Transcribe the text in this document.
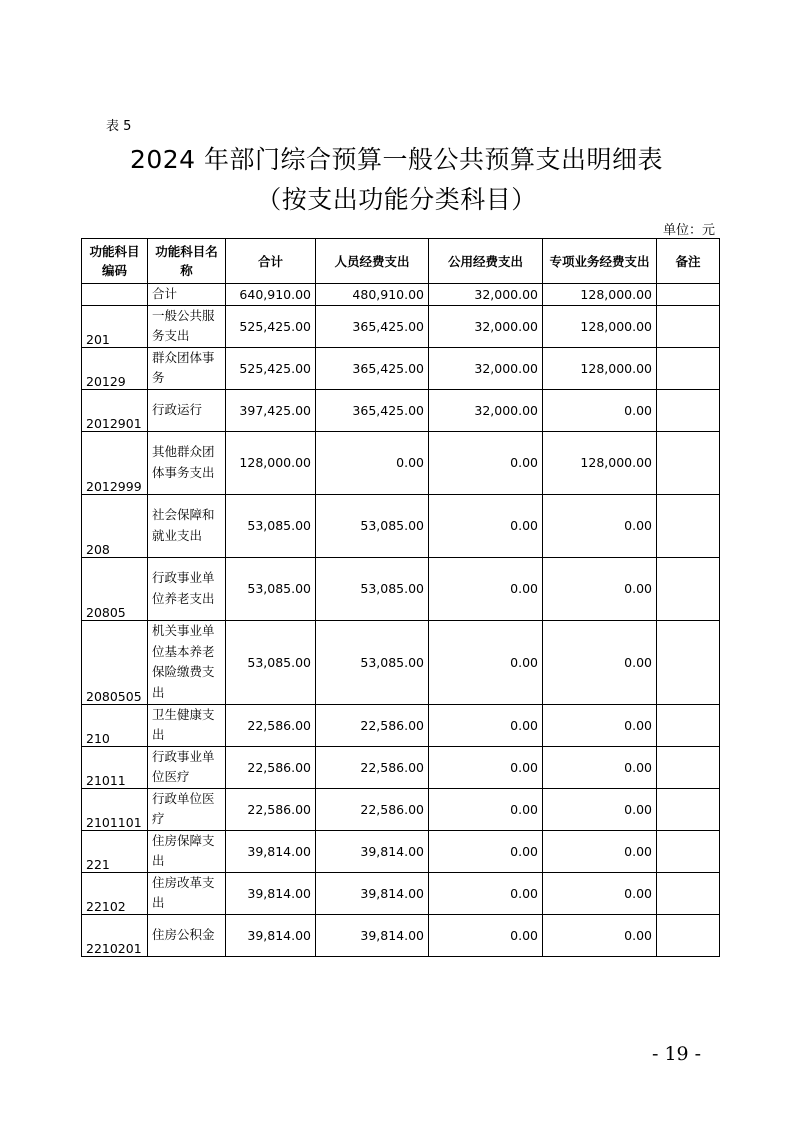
表 5
2024 年部门综合预算一般公共预算支出明细表
（按支出功能分类科目）
单位：元
功能科目编码	功能科目名称	合计	人员经费支出	公用经费支出	专项业务经费支出	备注
	合计	640,910.00	480,910.00	32,000.00	128,000.00	
201	一般公共服务支出	525,425.00	365,425.00	32,000.00	128,000.00	
20129	群众团体事务	525,425.00	365,425.00	32,000.00	128,000.00	
2012901	行政运行	397,425.00	365,425.00	32,000.00	0.00	
2012999	其他群众团体事务支出	128,000.00	0.00	0.00	128,000.00	
208	社会保障和就业支出	53,085.00	53,085.00	0.00	0.00	
20805	行政事业单位养老支出	53,085.00	53,085.00	0.00	0.00	
2080505	机关事业单位基本养老保险缴费支出	53,085.00	53,085.00	0.00	0.00	
210	卫生健康支出	22,586.00	22,586.00	0.00	0.00	
21011	行政事业单位医疗	22,586.00	22,586.00	0.00	0.00	
2101101	行政单位医疗	22,586.00	22,586.00	0.00	0.00	
221	住房保障支出	39,814.00	39,814.00	0.00	0.00	
22102	住房改革支出	39,814.00	39,814.00	0.00	0.00	
2210201	住房公积金	39,814.00	39,814.00	0.00	0.00	
- 19 -
